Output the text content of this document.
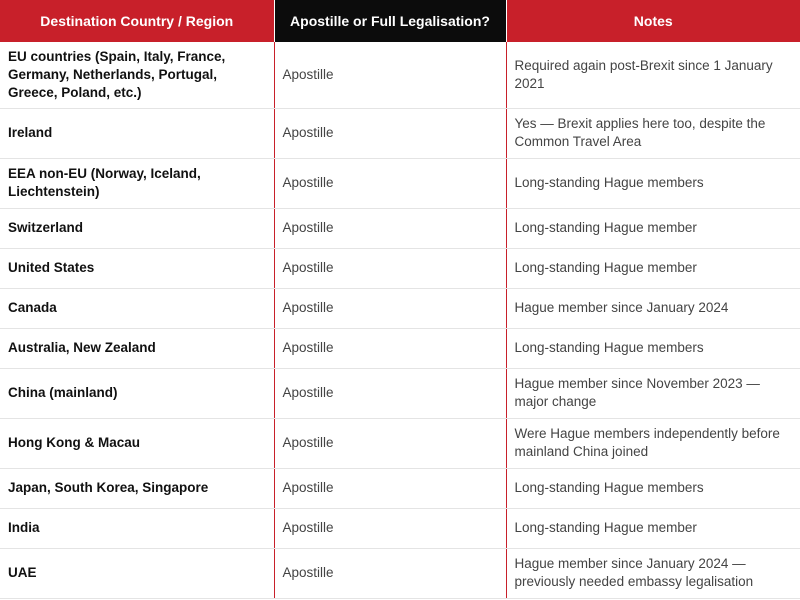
Destination Country / Region	Apostille or Full Legalisation?	Notes
EU countries (Spain, Italy, France, Germany, Netherlands, Portugal, Greece, Poland, etc.)	Apostille	Required again post-Brexit since 1 January 2021
Ireland	Apostille	Yes — Brexit applies here too, despite the Common Travel Area
EEA non-EU (Norway, Iceland, Liechtenstein)	Apostille	Long-standing Hague members
Switzerland	Apostille	Long-standing Hague member
United States	Apostille	Long-standing Hague member
Canada	Apostille	Hague member since January 2024
Australia, New Zealand	Apostille	Long-standing Hague members
China (mainland)	Apostille	Hague member since November 2023 — major change
Hong Kong & Macau	Apostille	Were Hague members independently before mainland China joined
Japan, South Korea, Singapore	Apostille	Long-standing Hague members
India	Apostille	Long-standing Hague member
UAE	Apostille	Hague member since January 2024 — previously needed embassy legalisation
